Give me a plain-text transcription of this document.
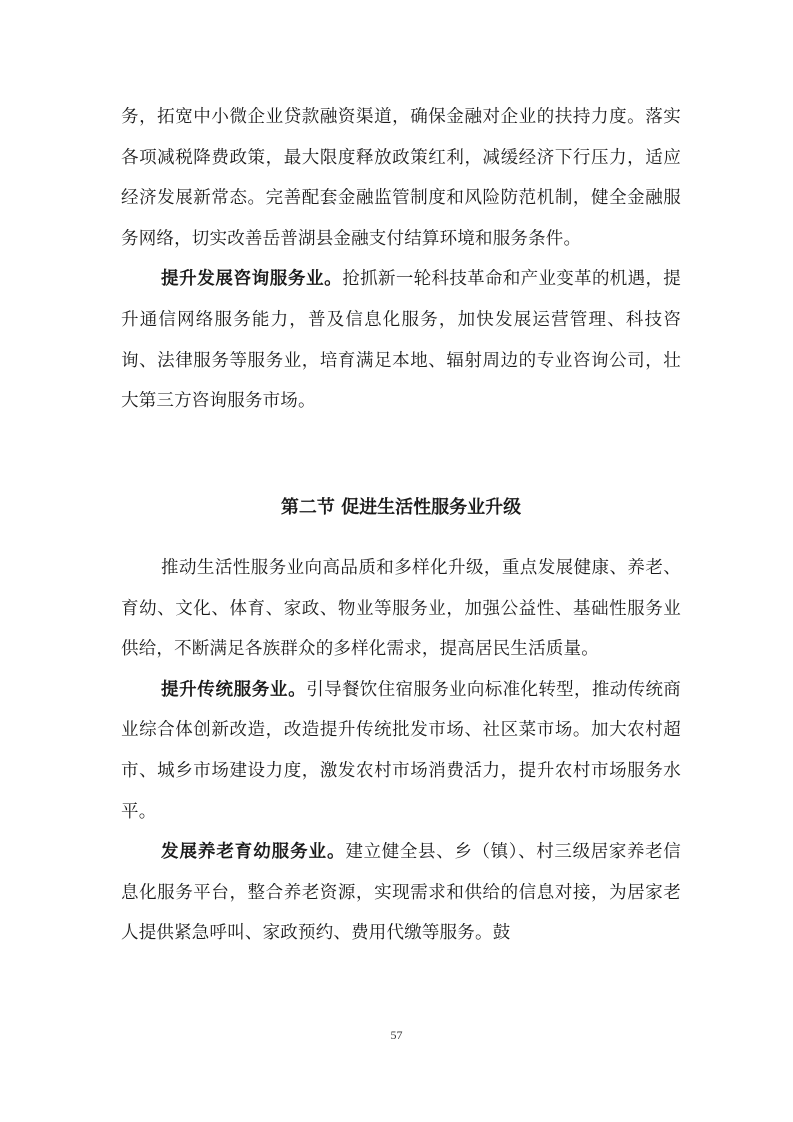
务，拓宽中小微企业贷款融资渠道，确保金融对企业的扶持力度。落实各项减税降费政策，最大限度释放政策红利，减缓经济下行压力，适应经济发展新常态。完善配套金融监管制度和风险防范机制，健全金融服务网络，切实改善岳普湖县金融支付结算环境和服务条件。

提升发展咨询服务业。抢抓新一轮科技革命和产业变革的机遇，提升通信网络服务能力，普及信息化服务，加快发展运营管理、科技咨询、法律服务等服务业，培育满足本地、辐射周边的专业咨询公司，壮大第三方咨询服务市场。

第二节 促进生活性服务业升级

推动生活性服务业向高品质和多样化升级，重点发展健康、养老、育幼、文化、体育、家政、物业等服务业，加强公益性、基础性服务业供给，不断满足各族群众的多样化需求，提高居民生活质量。

提升传统服务业。引导餐饮住宿服务业向标准化转型，推动传统商业综合体创新改造，改造提升传统批发市场、社区菜市场。加大农村超市、城乡市场建设力度，激发农村市场消费活力，提升农村市场服务水平。

发展养老育幼服务业。建立健全县、乡（镇）、村三级居家养老信息化服务平台，整合养老资源，实现需求和供给的信息对接，为居家老人提供紧急呼叫、家政预约、费用代缴等服务。鼓

57
